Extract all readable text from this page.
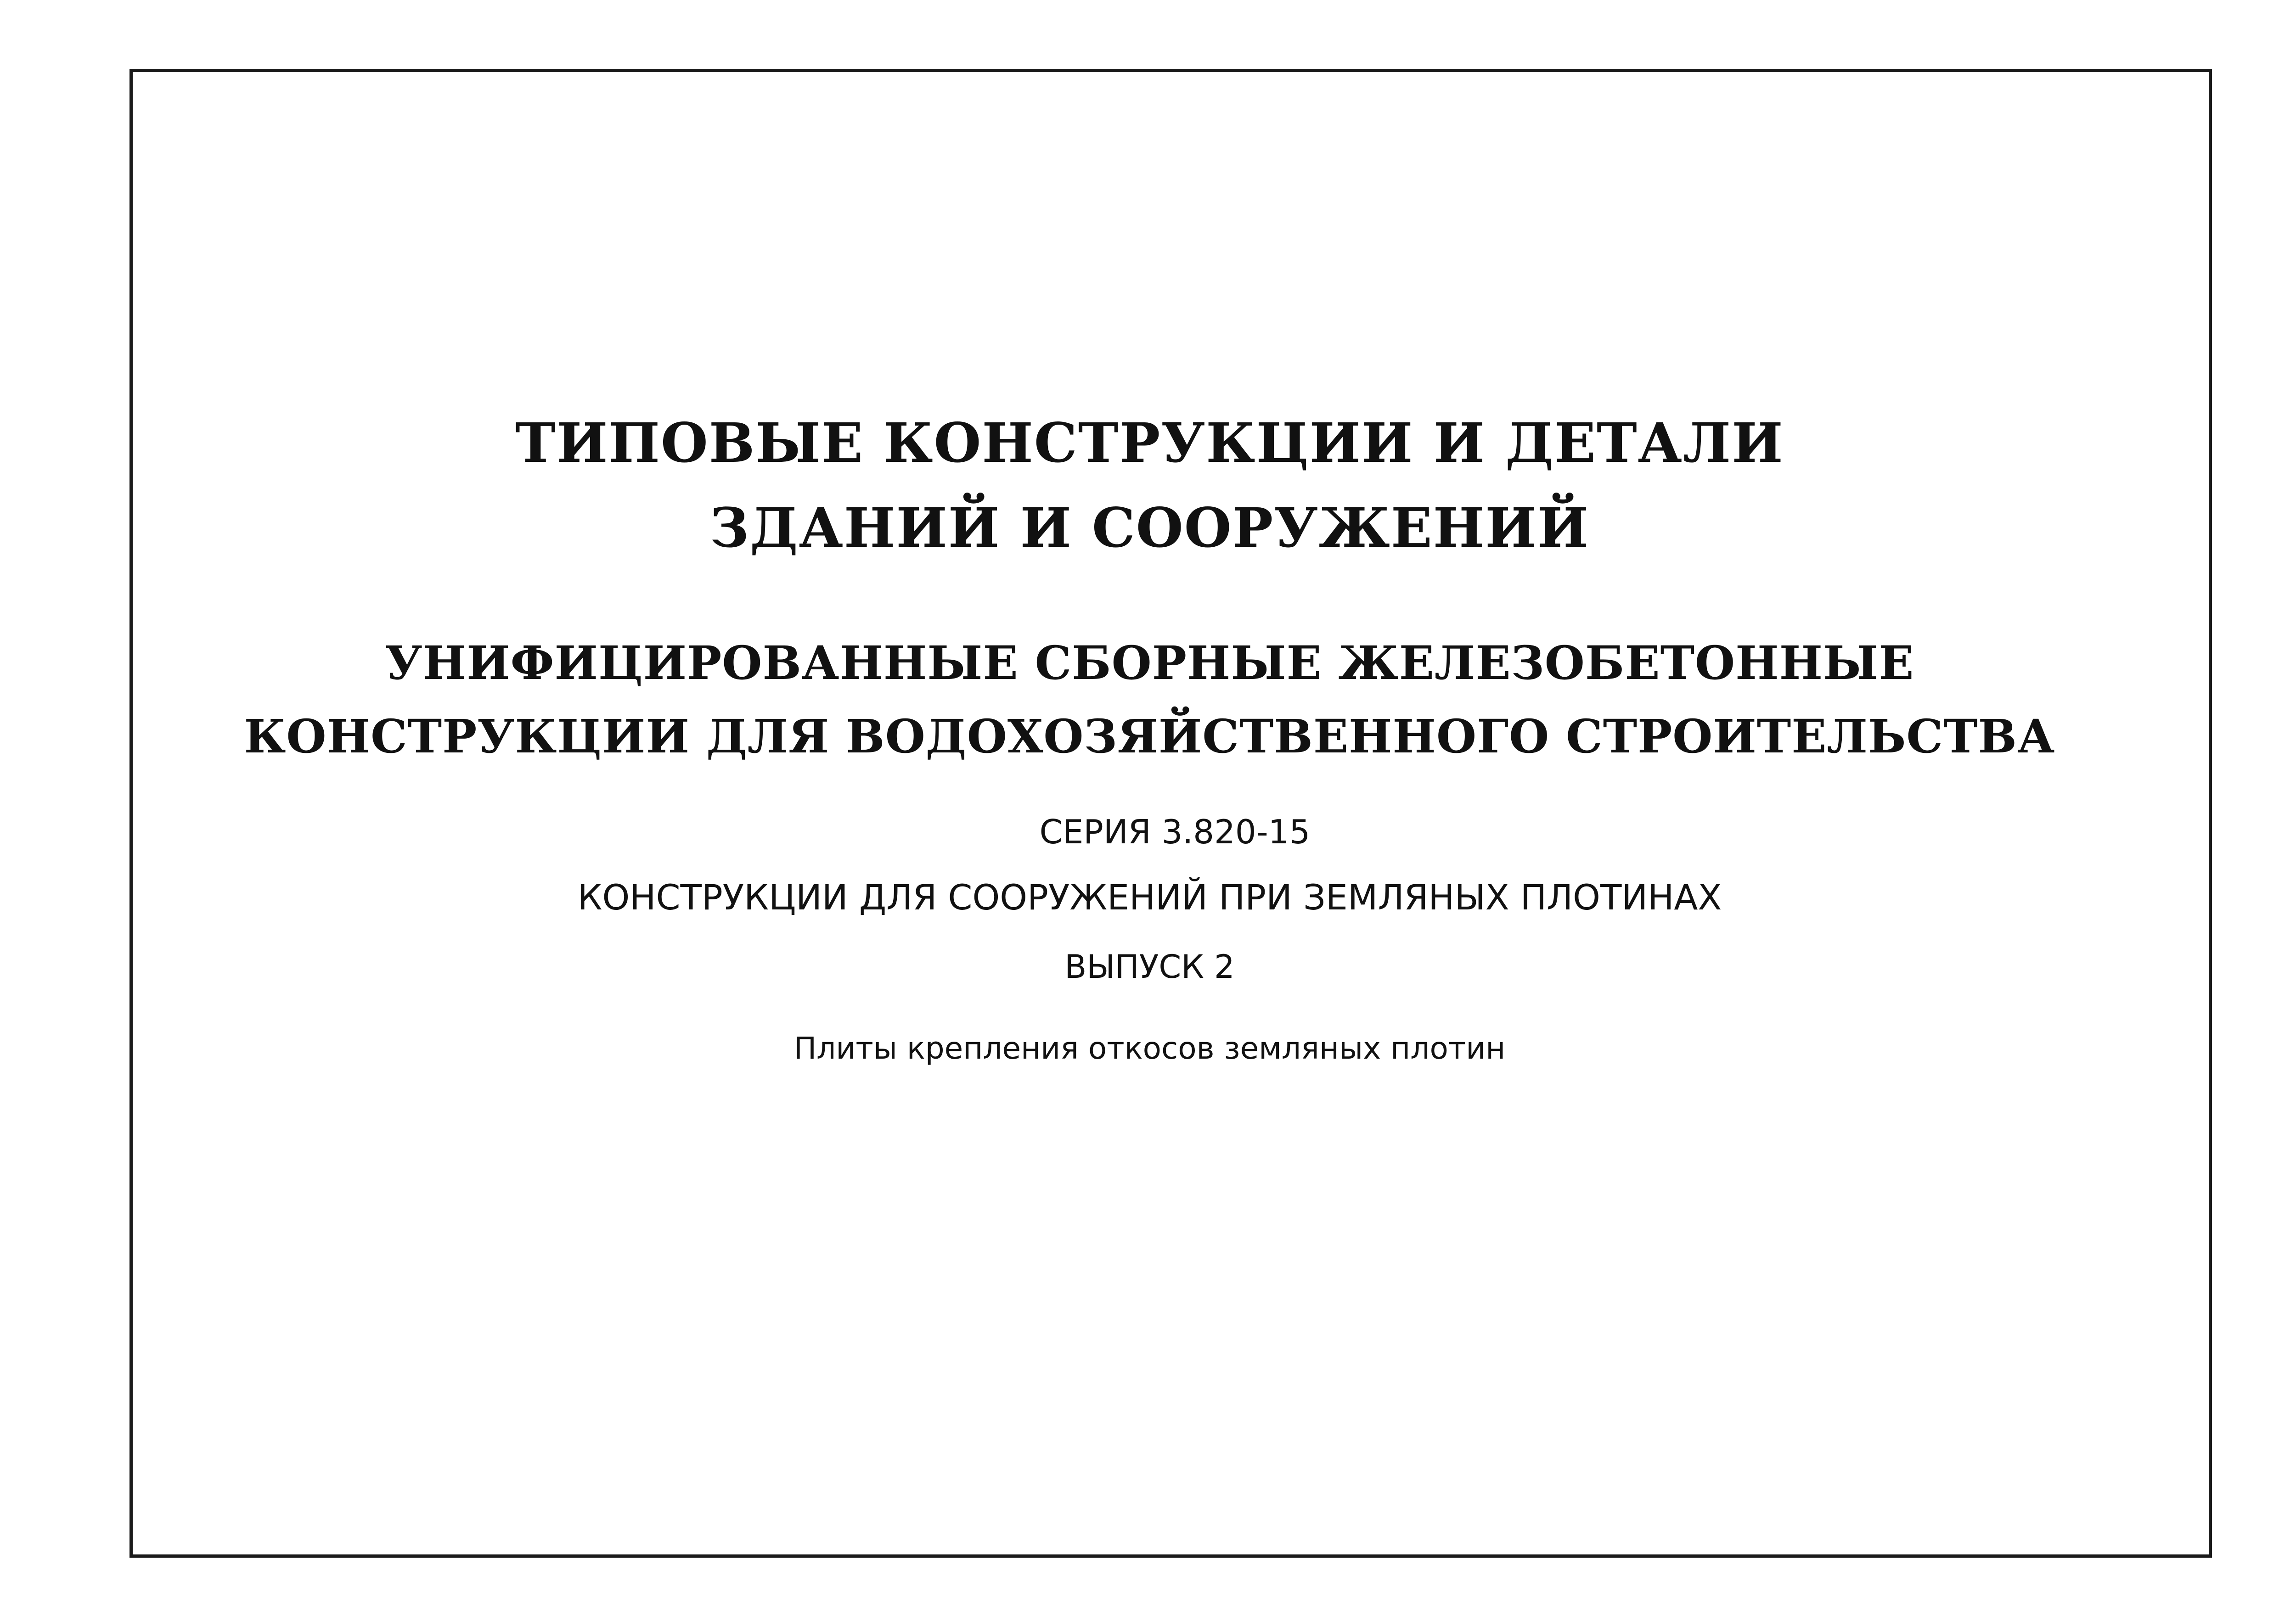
ТИПОВЫЕ КОНСТРУКЦИИ И ДЕТАЛИ
ЗДАНИЙ И СООРУЖЕНИЙ
УНИФИЦИРОВАННЫЕ СБОРНЫЕ ЖЕЛЕЗОБЕТОННЫЕ
КОНСТРУКЦИИ ДЛЯ ВОДОХОЗЯЙСТВЕННОГО СТРОИТЕЛЬСТВА

СЕРИЯ 3.820-15

КОНСТРУКЦИИ ДЛЯ СООРУЖЕНИЙ ПРИ ЗЕМЛЯНЫХ ПЛОТИНАХ

ВЫПУСК 2

Плиты крепления откосов земляных плотин
